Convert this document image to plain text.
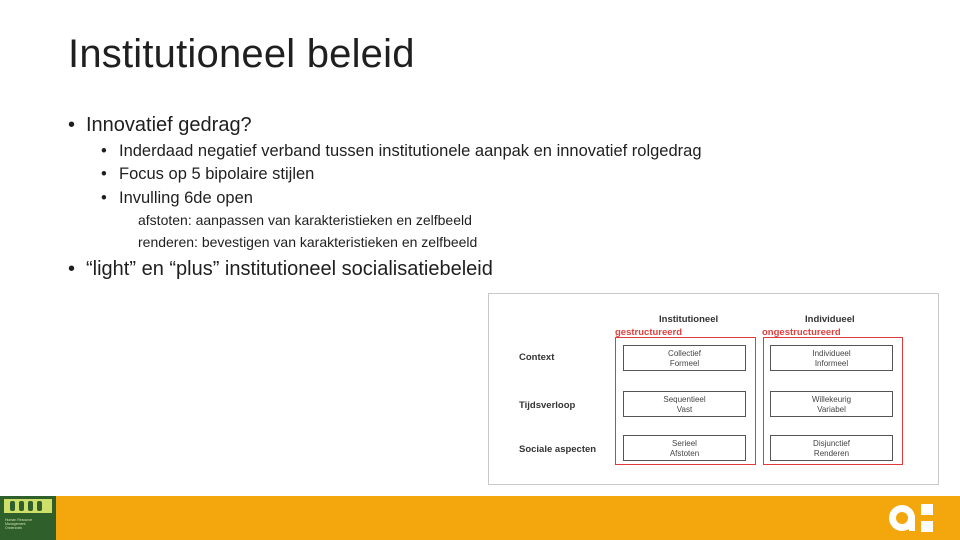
Institutioneel beleid
• Innovatief gedrag?
• Inderdaad negatief verband tussen institutionele aanpak en innovatief rolgedrag
• Focus op 5 bipolaire stijlen
• Invulling 6de open
afstoten: aanpassen van karakteristieken en zelfbeeld
renderen: bevestigen van karakteristieken en zelfbeeld
• “light” en “plus” institutioneel socialisatiebeleid
Institutioneel	Individueel
gestructureerd	ongestructureerd
Context
Tijdsverloop
Sociale aspecten
Collectief
Formeel
Individueel
Informeel
Sequentieel
Vast
Willekeurig
Variabel
Serieel
Afstoten
Disjunctief
Renderen
Human Resource
Management
Onderzoek
